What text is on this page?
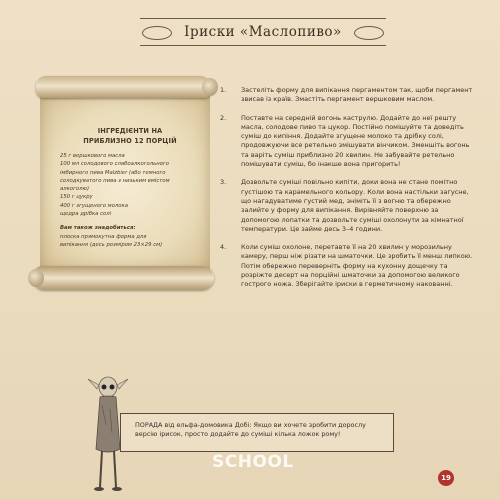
Іриски «Маслопиво»
ІНГРЕДІЄНТИ НА
ПРИБЛИЗНО 12 ПОРЦІЙ
25 г вершкового масла
100 мл солодового слабоалкогольного
імбирного пива Malzbier (або темного
солодкуватого пива з низьким вмістом
алкоголю)
150 г цукру
400 г згущеного молока
щедра дрібка солі
Вам також знадобиться:
плоска прямокутна форма для
випікання (десь розміром 23×29 см)
1. Застеліть форму для випікання пергаментом так, щоби пергамент звисав із країв. Змастіть пергамент вершковим маслом.

2. Поставте на середній вогонь каструлю. Додайте до неї решту масла, солодове пиво та цукор. Постійно помішуйте та доведіть суміш до кипіння. Додайте згущене молоко та дрібку солі, продовжуючи все ретельно змішувати вінчиком. Зменшіть вогонь та варіть суміш приблизно 20 хвилин. Не забувайте ретельно помішувати суміш, бо інакше вона пригорить!

3. Дозвольте суміші повільно кипіти, доки вона не стане помітно густішою та карамельного кольору. Коли вона настільки загусне, що нагадуватиме густий мед, зніміть її з вогню та обережно залийте у форму для випікання. Вирівняйте поверхню за допомогою лопатки та дозвольте суміші охолонути за кімнатної температури. Це займе десь 3–4 години.

4. Коли суміш охолоне, перетавте її на 20 хвилин у морозильну камеру, перш ніж різати на шматочки. Це зробить її менш липкою. Потім обережно переверніть форму на кухонну дощечку та розріжте десерт на порційні шматочки за допомогою великого гострого ножа. Зберігайте іриски в герметичному накованні.

ПОРАДА від ельфа-домовика Добі: Якщо ви хочете зробити дорослу версію ірисок, просто додайте до суміші кілька ложок рому!
SCHOOL
19
